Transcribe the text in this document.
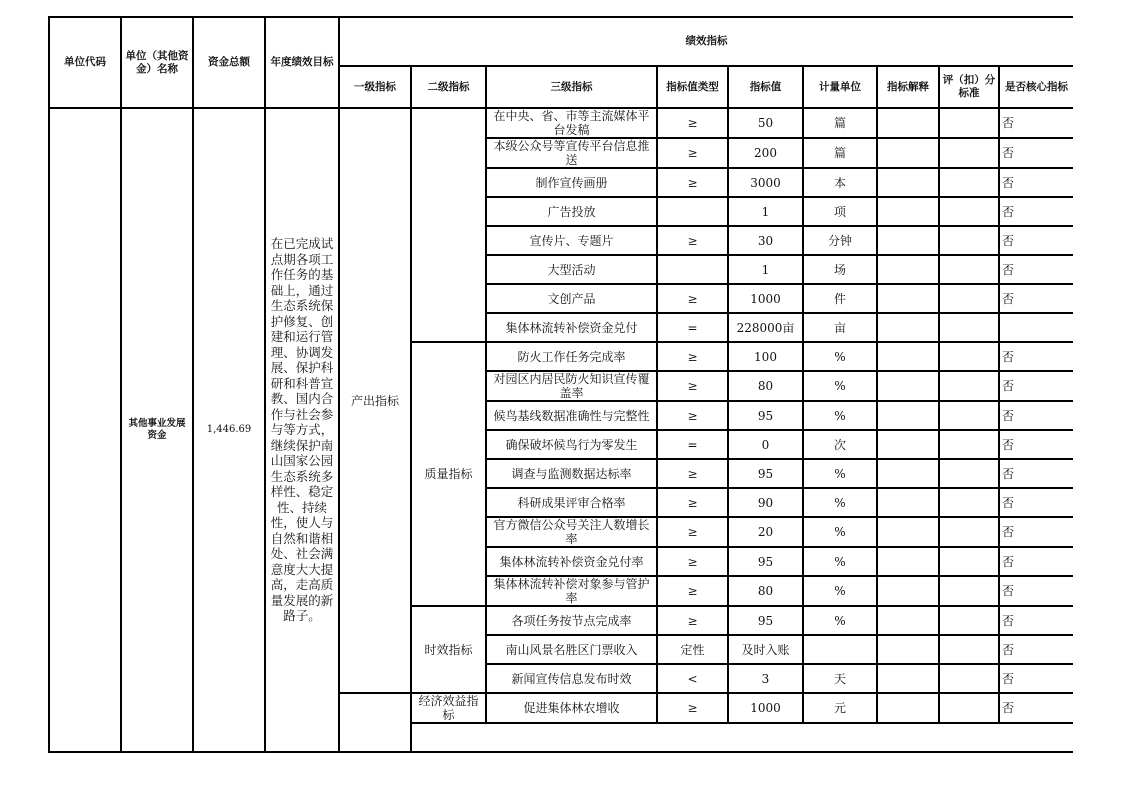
单位代码	单位（其他资金）名称	资金总额	年度绩效目标	绩效指标								
				一级指标	二级指标	三级指标	指标值类型	指标值	计量单位	指标解释	评（扣）分标准	是否核心指标
	其他事业发展资金	1,446.69	在已完成试点期各项工作任务的基础上，通过生态系统保护修复、创建和运行管理、协调发展、保护科研和科普宣教、国内合作与社会参与等方式，继续保护南山国家公园生态系统多样性、稳定性、持续性，使人与自然和谐相处、社会满意度大大提高，走高质量发展的新路子。	产出指标		在中央、省、市等主流媒体平台发稿	≥	50	篇			否
						本级公众号等宣传平台信息推送	≥	200	篇			否
						制作宣传画册	≥	3000	本			否
						广告投放		1	项			否
						宣传片、专题片	≥	30	分钟			否
						大型活动		1	场			否
						文创产品	≥	1000	件			否
						集体林流转补偿资金兑付	=	228000亩	亩			
					质量指标	防火工作任务完成率	≥	100	%			否
						对园区内居民防火知识宣传覆盖率	≥	80	%			否
						候鸟基线数据准确性与完整性	≥	95	%			否
						确保破坏候鸟行为零发生	=	0	次			否
						调查与监测数据达标率	≥	95	%			否
						科研成果评审合格率	≥	90	%			否
						官方微信公众号关注人数增长率	≥	20	%			否
						集体林流转补偿资金兑付率	≥	95	%			否
						集体林流转补偿对象参与管护率	≥	80	%			否
					时效指标	各项任务按节点完成率	≥	95	%			否
						南山风景名胜区门票收入	定性	及时入账				否
						新闻宣传信息发布时效	<	3	天			否
					经济效益指标	促进集体林农增收	≥	1000	元			否
